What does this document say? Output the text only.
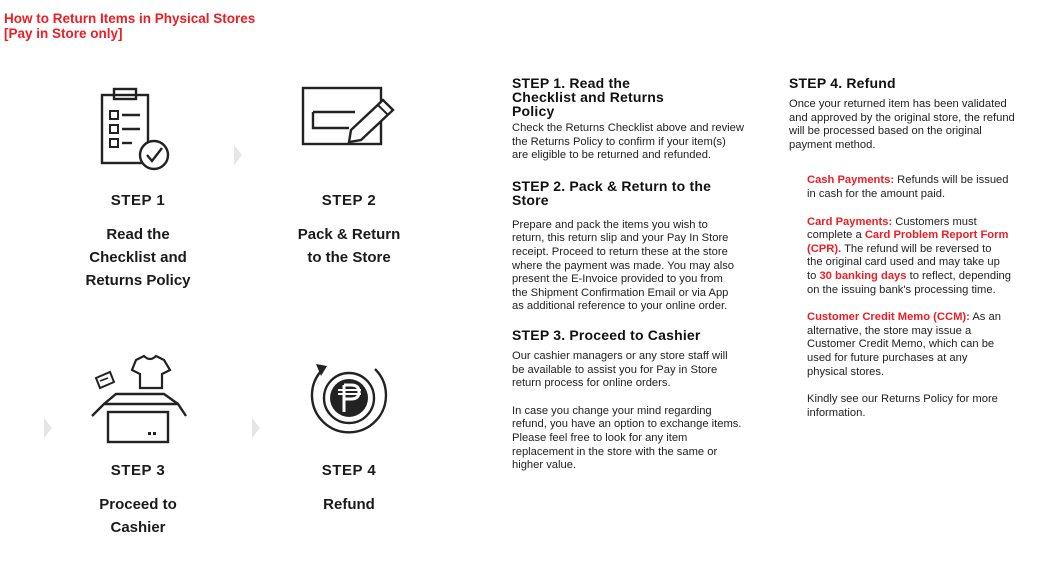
How to Return Items in Physical Stores
[Pay in Store only]
STEP 1
Read the
Checklist and
Returns Policy
STEP 2
Pack & Return
to the Store
STEP 3
Proceed to
Cashier
STEP 4
Refund
STEP 1. Read the
Checklist and Returns
Policy

Check the Returns Checklist above and review
the Returns Policy to confirm if your item(s)
are eligible to be returned and refunded.

STEP 2. Pack & Return to the
Store

Prepare and pack the items you wish to
return, this return slip and your Pay In Store
receipt. Proceed to return these at the store
where the payment was made. You may also
present the E-Invoice provided to you from
the Shipment Confirmation Email or via App
as additional reference to your online order.

STEP 3. Proceed to Cashier

Our cashier managers or any store staff will
be available to assist you for Pay in Store
return process for online orders.

In case you change your mind regarding
refund, you have an option to exchange items.
Please feel free to look for any item
replacement in the store with the same or
higher value.

STEP 4. Refund

Once your returned item has been validated
and approved by the original store, the refund
will be processed based on the original
payment method.

Cash Payments: Refunds will be issued
in cash for the amount paid.

Card Payments: Customers must
complete a Card Problem Report Form
(CPR). The refund will be reversed to
the original card used and may take up
to 30 banking days to reflect, depending
on the issuing bank's processing time.

Customer Credit Memo (CCM): As an
alternative, the store may issue a
Customer Credit Memo, which can be
used for future purchases at any
physical stores.

Kindly see our Returns Policy for more
information.
